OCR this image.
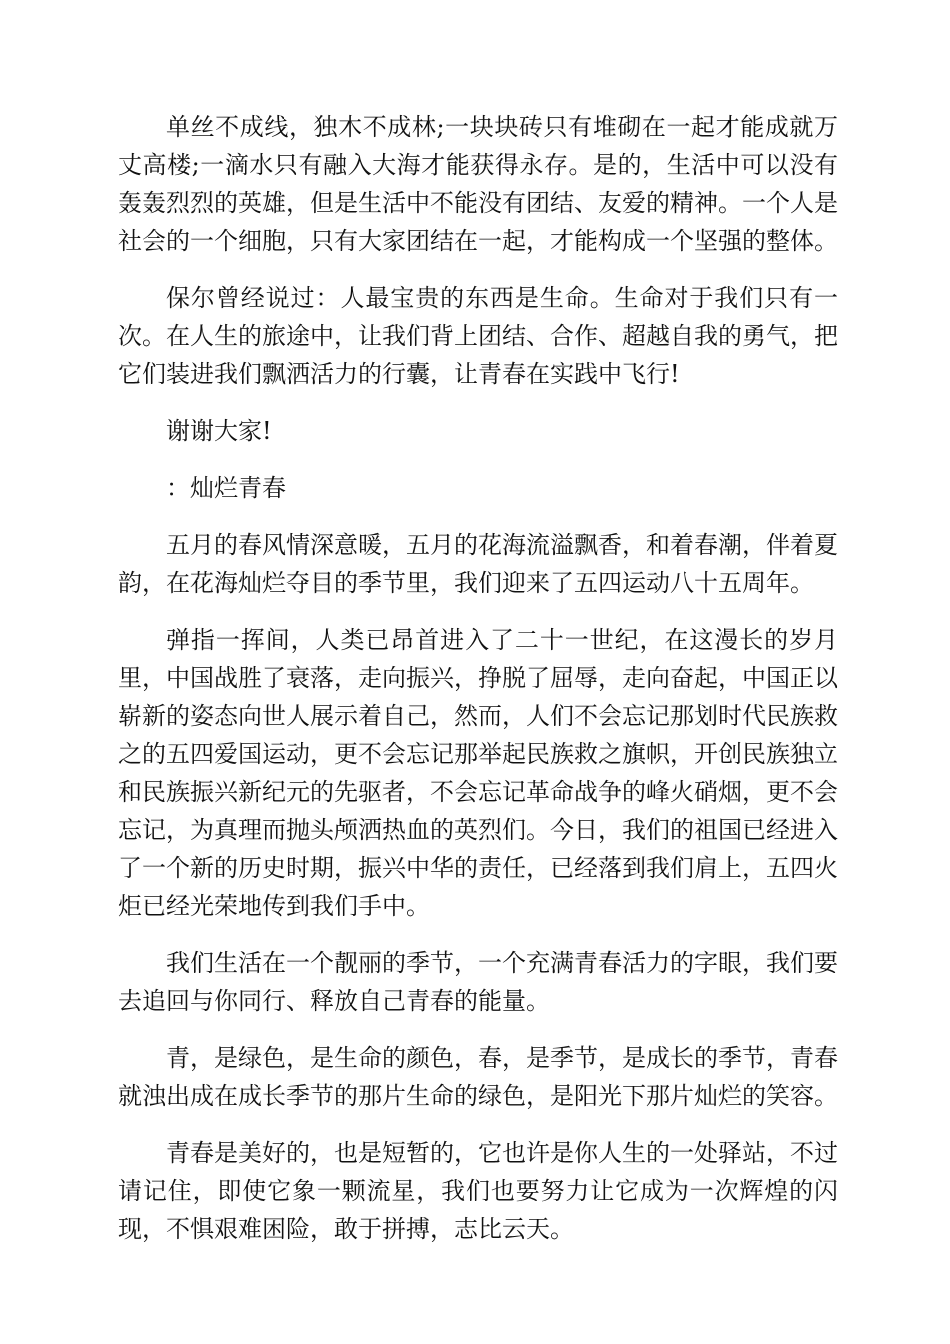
单丝不成线，独木不成林;一块块砖只有堆砌在一起才能成就万丈高楼;一滴水只有融入大海才能获得永存。是的，生活中可以没有轰轰烈烈的英雄，但是生活中不能没有团结、友爱的精神。一个人是社会的一个细胞，只有大家团结在一起，才能构成一个坚强的整体。

保尔曾经说过：人最宝贵的东西是生命。生命对于我们只有一次。在人生的旅途中，让我们背上团结、合作、超越自我的勇气，把它们装进我们飘洒活力的行囊，让青春在实践中飞行!

谢谢大家!

：灿烂青春

五月的春风情深意暖，五月的花海流溢飘香，和着春潮，伴着夏韵，在花海灿烂夺目的季节里，我们迎来了五四运动八十五周年。

弹指一挥间，人类已昂首进入了二十一世纪，在这漫长的岁月里，中国战胜了衰落，走向振兴，挣脱了屈辱，走向奋起，中国正以崭新的姿态向世人展示着自己，然而，人们不会忘记那划时代民族救之的五四爱国运动，更不会忘记那举起民族救之旗帜，开创民族独立和民族振兴新纪元的先驱者，不会忘记革命战争的峰火硝烟，更不会忘记，为真理而抛头颅洒热血的英烈们。今日，我们的祖国已经进入了一个新的历史时期，振兴中华的责任，已经落到我们肩上，五四火炬已经光荣地传到我们手中。

我们生活在一个靓丽的季节，一个充满青春活力的字眼，我们要去追回与你同行、释放自己青春的能量。

青，是绿色，是生命的颜色，春，是季节，是成长的季节，青春就浊出成在成长季节的那片生命的绿色，是阳光下那片灿烂的笑容。

青春是美好的，也是短暂的，它也许是你人生的一处驿站，不过请记住，即使它象一颗流星，我们也要努力让它成为一次辉煌的闪现，不惧艰难困险，敢于拼搏，志比云天。
